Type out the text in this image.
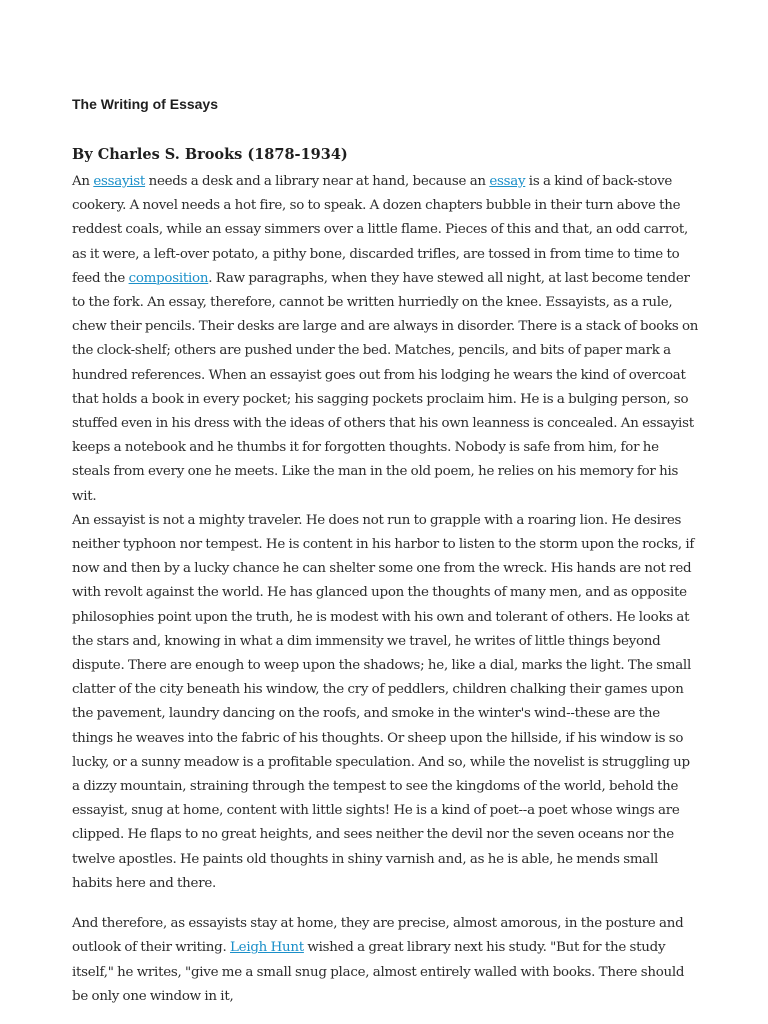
The Writing of Essays
By Charles S. Brooks (1878-1934)

An essayist needs a desk and a library near at hand, because an essay is a kind of back-stove cookery. A novel needs a hot fire, so to speak. A dozen chapters bubble in their turn above the reddest coals, while an essay simmers over a little flame. Pieces of this and that, an odd carrot, as it were, a left-over potato, a pithy bone, discarded trifles, are tossed in from time to time to feed the composition. Raw paragraphs, when they have stewed all night, at last become tender to the fork. An essay, therefore, cannot be written hurriedly on the knee. Essayists, as a rule, chew their pencils. Their desks are large and are always in disorder. There is a stack of books on the clock-shelf; others are pushed under the bed. Matches, pencils, and bits of paper mark a hundred references. When an essayist goes out from his lodging he wears the kind of overcoat that holds a book in every pocket; his sagging pockets proclaim him. He is a bulging person, so stuffed even in his dress with the ideas of others that his own leanness is concealed. An essayist keeps a notebook and he thumbs it for forgotten thoughts. Nobody is safe from him, for he steals from every one he meets. Like the man in the old poem, he relies on his memory for his wit.

An essayist is not a mighty traveler. He does not run to grapple with a roaring lion. He desires neither typhoon nor tempest. He is content in his harbor to listen to the storm upon the rocks, if now and then by a lucky chance he can shelter some one from the wreck. His hands are not red with revolt against the world. He has glanced upon the thoughts of many men, and as opposite philosophies point upon the truth, he is modest with his own and tolerant of others. He looks at the stars and, knowing in what a dim immensity we travel, he writes of little things beyond dispute. There are enough to weep upon the shadows; he, like a dial, marks the light. The small clatter of the city beneath his window, the cry of peddlers, children chalking their games upon the pavement, laundry dancing on the roofs, and smoke in the winter's wind--these are the things he weaves into the fabric of his thoughts. Or sheep upon the hillside, if his window is so lucky, or a sunny meadow is a profitable speculation. And so, while the novelist is struggling up a dizzy mountain, straining through the tempest to see the kingdoms of the world, behold the essayist, snug at home, content with little sights! He is a kind of poet--a poet whose wings are clipped. He flaps to no great heights, and sees neither the devil nor the seven oceans nor the twelve apostles. He paints old thoughts in shiny varnish and, as he is able, he mends small habits here and there.

And therefore, as essayists stay at home, they are precise, almost amorous, in the posture and outlook of their writing. Leigh Hunt wished a great library next his study. "But for the study itself," he writes, "give me a small snug place, almost entirely walled with books. There should be only one window in it,
